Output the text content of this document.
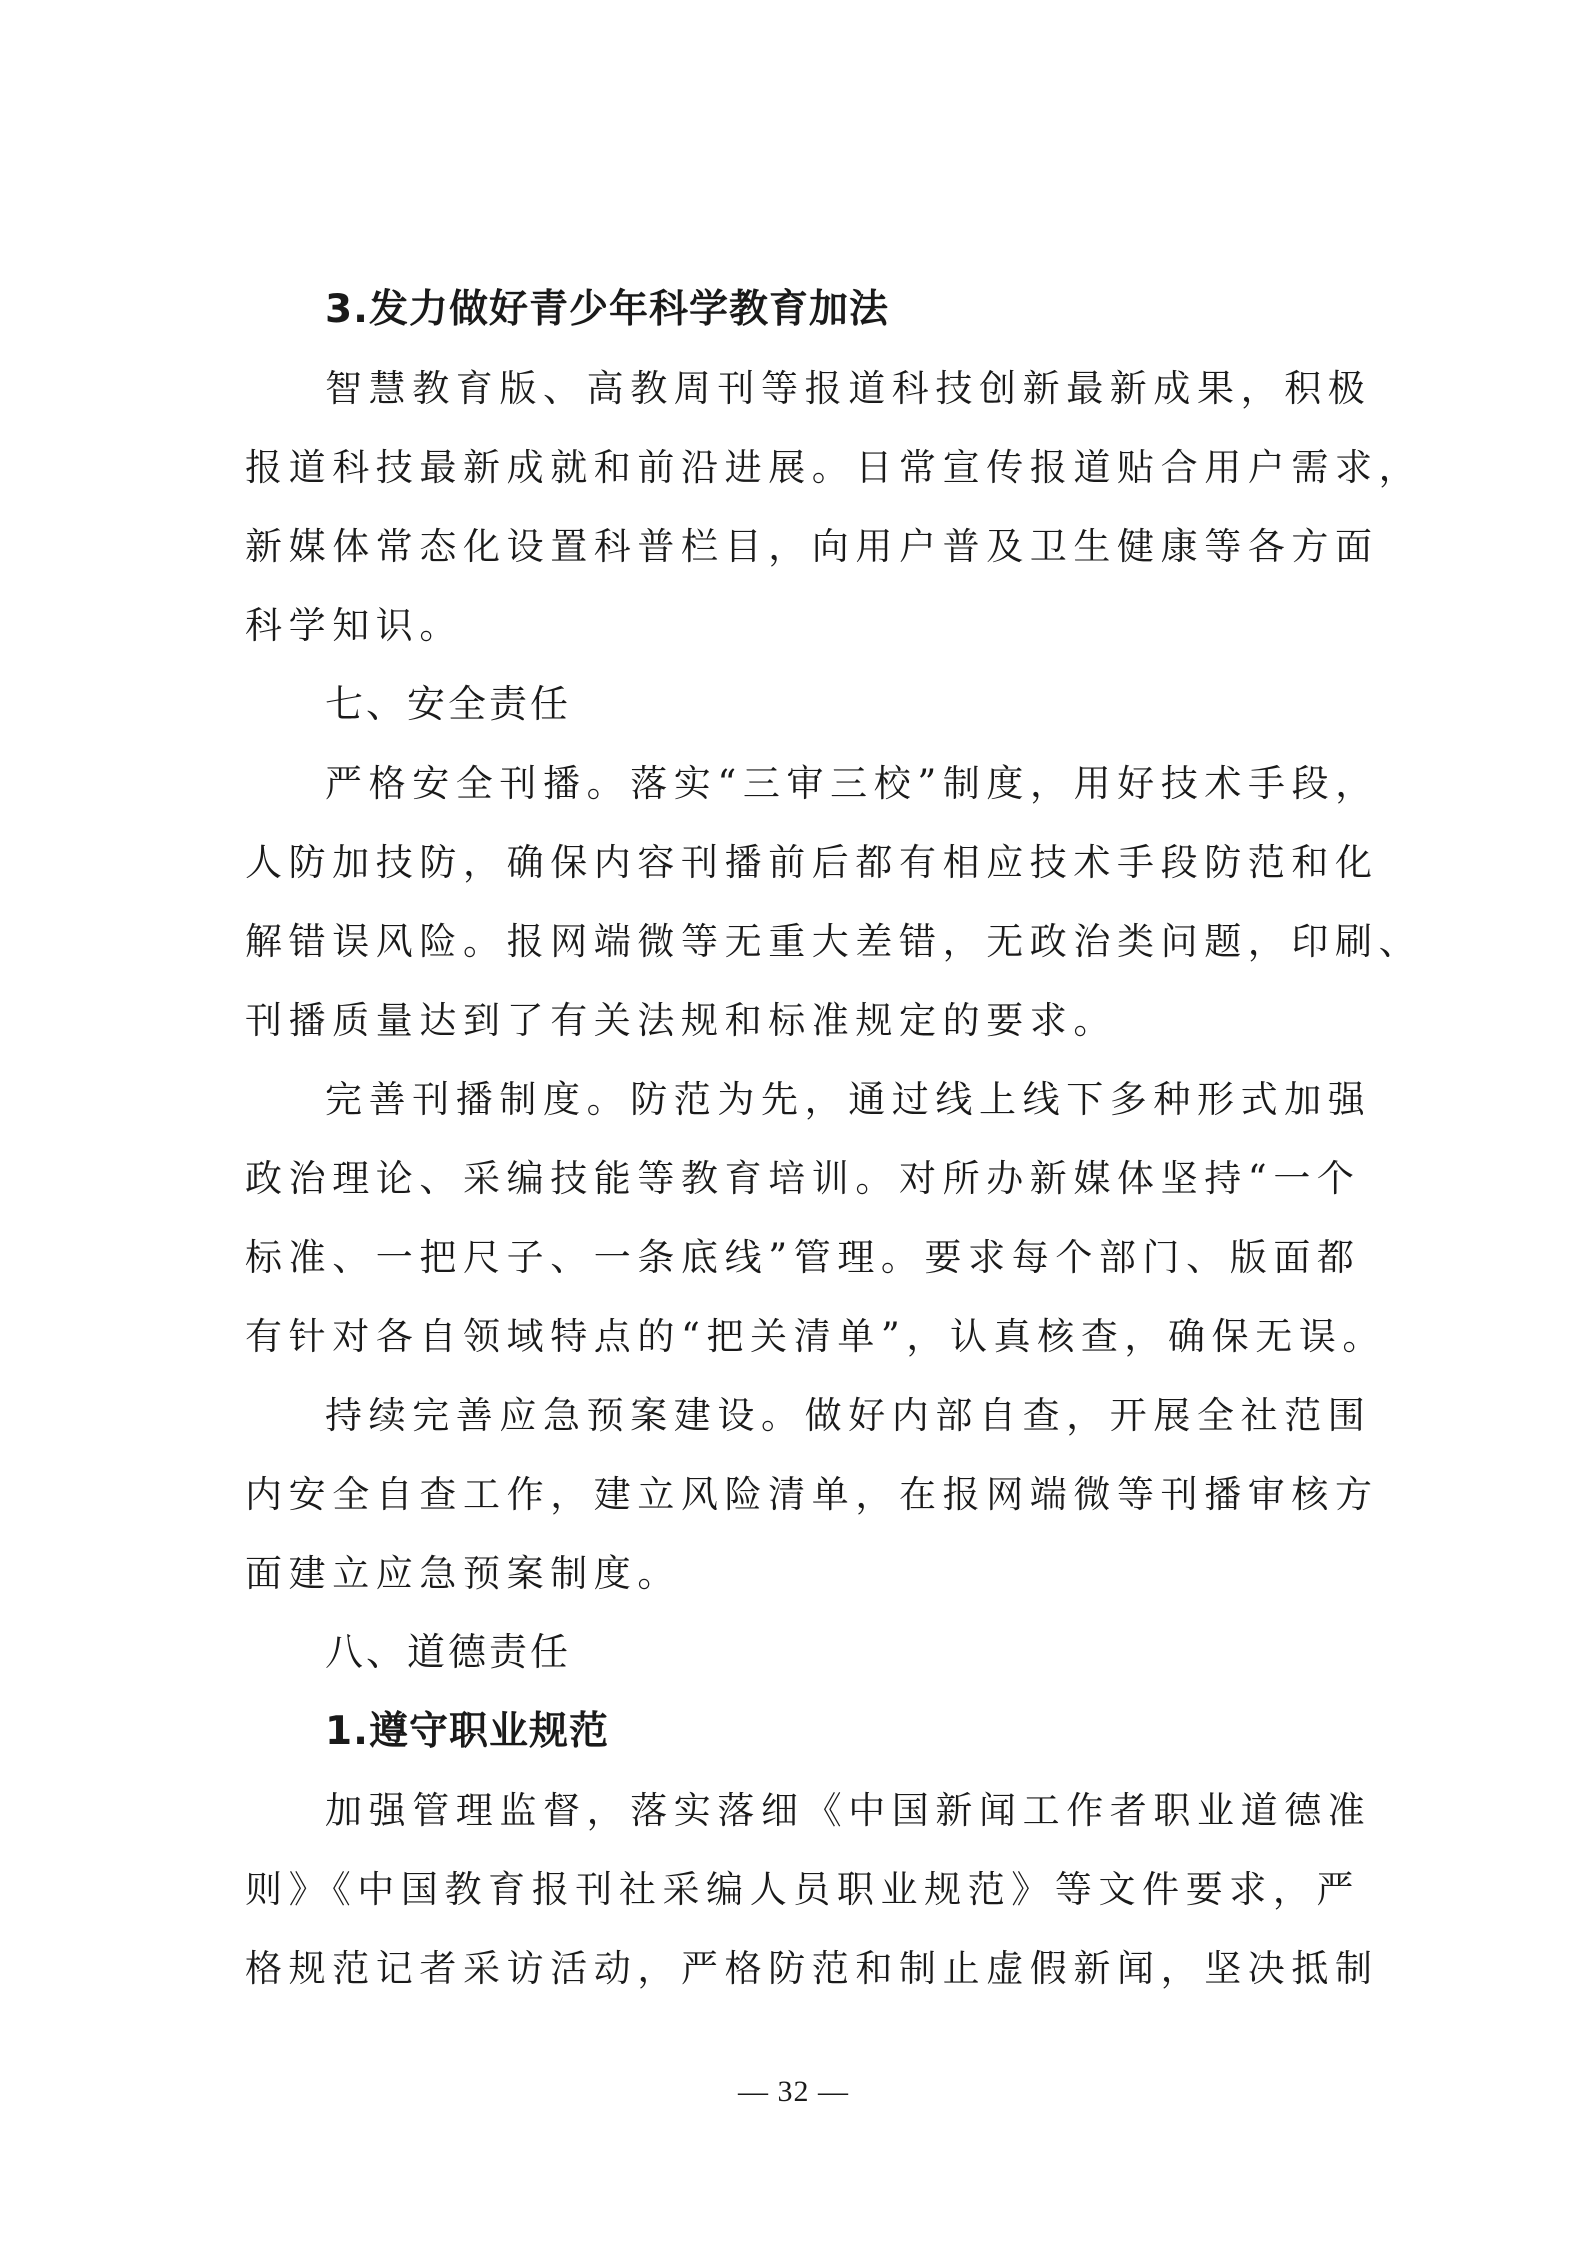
3.发力做好青少年科学教育加法
智慧教育版、高教周刊等报道科技创新最新成果，积极
报道科技最新成就和前沿进展。日常宣传报道贴合用户需求，
新媒体常态化设置科普栏目，向用户普及卫生健康等各方面
科学知识。
七、安全责任
严格安全刊播。落实“三审三校”制度，用好技术手段，
人防加技防，确保内容刊播前后都有相应技术手段防范和化
解错误风险。报网端微等无重大差错，无政治类问题，印刷、
刊播质量达到了有关法规和标准规定的要求。
完善刊播制度。防范为先，通过线上线下多种形式加强
政治理论、采编技能等教育培训。对所办新媒体坚持“一个
标准、一把尺子、一条底线”管理。要求每个部门、版面都
有针对各自领域特点的“把关清单”，认真核查，确保无误。
持续完善应急预案建设。做好内部自查，开展全社范围
内安全自查工作，建立风险清单，在报网端微等刊播审核方
面建立应急预案制度。
八、道德责任
1.遵守职业规范
加强管理监督，落实落细《中国新闻工作者职业道德准
则》《中国教育报刊社采编人员职业规范》等文件要求，严
格规范记者采访活动，严格防范和制止虚假新闻，坚决抵制
— 32 —
